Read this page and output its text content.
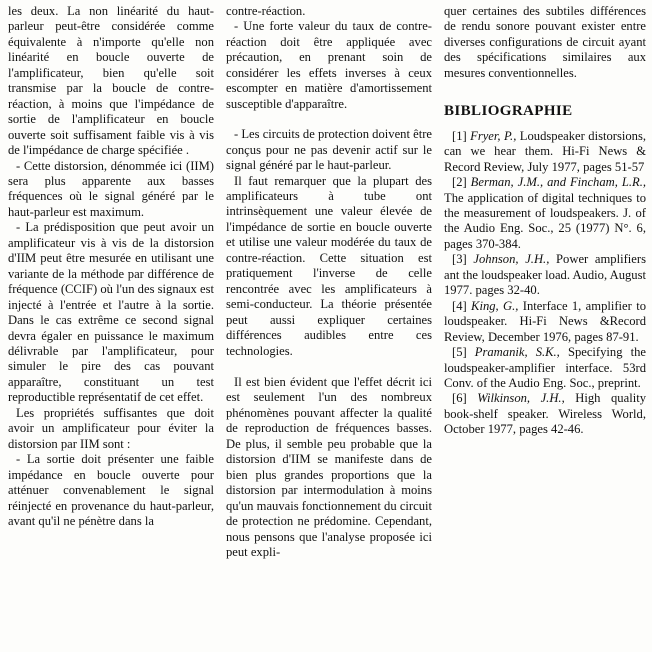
les deux. La non linéarité du haut-parleur peut-être considérée comme équivalente à n'importe qu'elle non linéarité en boucle ouverte de l'amplificateur, bien qu'elle soit transmise par la boucle de contre-réaction, à moins que l'impédance de sortie de l'amplificateur en boucle ouverte soit suffisament faible vis à vis de l'impédance de charge spécifiée .

- Cette distorsion, dénommée ici (IIM) sera plus apparente aux basses fréquences où le signal généré par le haut-parleur est maximum.

- La prédisposition que peut avoir un amplificateur vis à vis de la distorsion d'IIM peut être mesurée en utilisant une variante de la méthode par différence de fréquence (CCIF) où l'un des signaux est injecté à l'entrée et l'autre à la sortie. Dans le cas extrême ce second signal devra égaler en puissance le maximum délivrable par l'amplificateur, pour simuler le pire des cas pouvant apparaître, constituant un test reproductible représentatif de cet effet.

Les propriétés suffisantes que doit avoir un amplificateur pour éviter la distorsion par IIM sont :

- La sortie doit présenter une faible impédance en boucle ouverte pour atténuer convenablement le signal réinjecté en provenance du haut-parleur, avant qu'il ne pénètre dans la

contre-réaction.

- Une forte valeur du taux de contre-réaction doit être appliquée avec précaution, en prenant soin de considérer les effets inverses à ceux escompter en matière d'amortissement susceptible d'apparaître.

- Les circuits de protection doivent être conçus pour ne pas devenir actif sur le signal généré par le haut-parleur.

Il faut remarquer que la plupart des amplificateurs à tube ont intrinsèquement une valeur élevée de l'impédance de sortie en boucle ouverte et utilise une valeur modérée du taux de contre-réaction. Cette situation est pratiquement l'inverse de celle rencontrée avec les amplificateurs à semi-conducteur. La théorie présentée peut aussi expliquer certaines différences audibles entre ces technologies.

Il est bien évident que l'effet décrit ici est seulement l'un des nombreux phénomènes pouvant affecter la qualité de reproduction de fréquences basses. De plus, il semble peu probable que la distorsion d'IIM se manifeste dans de bien plus grandes proportions que la distorsion par intermodulation à moins qu'un mauvais fonctionnement du circuit de protection ne prédomine. Cependant, nous pensons que l'analyse proposée ici peut expli-

quer certaines des subtiles différences de rendu sonore pouvant exister entre diverses configurations de circuit ayant des spécifications similaires aux mesures conventionnelles.

BIBLIOGRAPHIE

[1] Fryer, P., Loudspeaker distorsions, can we hear them. Hi-Fi News & Record Review, July 1977, pages 51-57

[2] Berman, J.M., and Fincham, L.R., The application of digital techniques to the measurement of loudspeakers. J. of the Audio Eng. Soc., 25 (1977) N°. 6, pages 370-384.

[3] Johnson, J.H., Power amplifiers ant the loudspeaker load. Audio, August 1977. pages 32-40.

[4] King, G., Interface 1, amplifier to loudspeaker. Hi-Fi News &Record Review, December 1976, pages 87-91.

[5] Pramanik, S.K., Specifying the loudspeaker-amplifier interface. 53rd Conv. of the Audio Eng. Soc., preprint.

[6] Wilkinson, J.H., High quality book-shelf speaker. Wireless World, October 1977, pages 42-46.
